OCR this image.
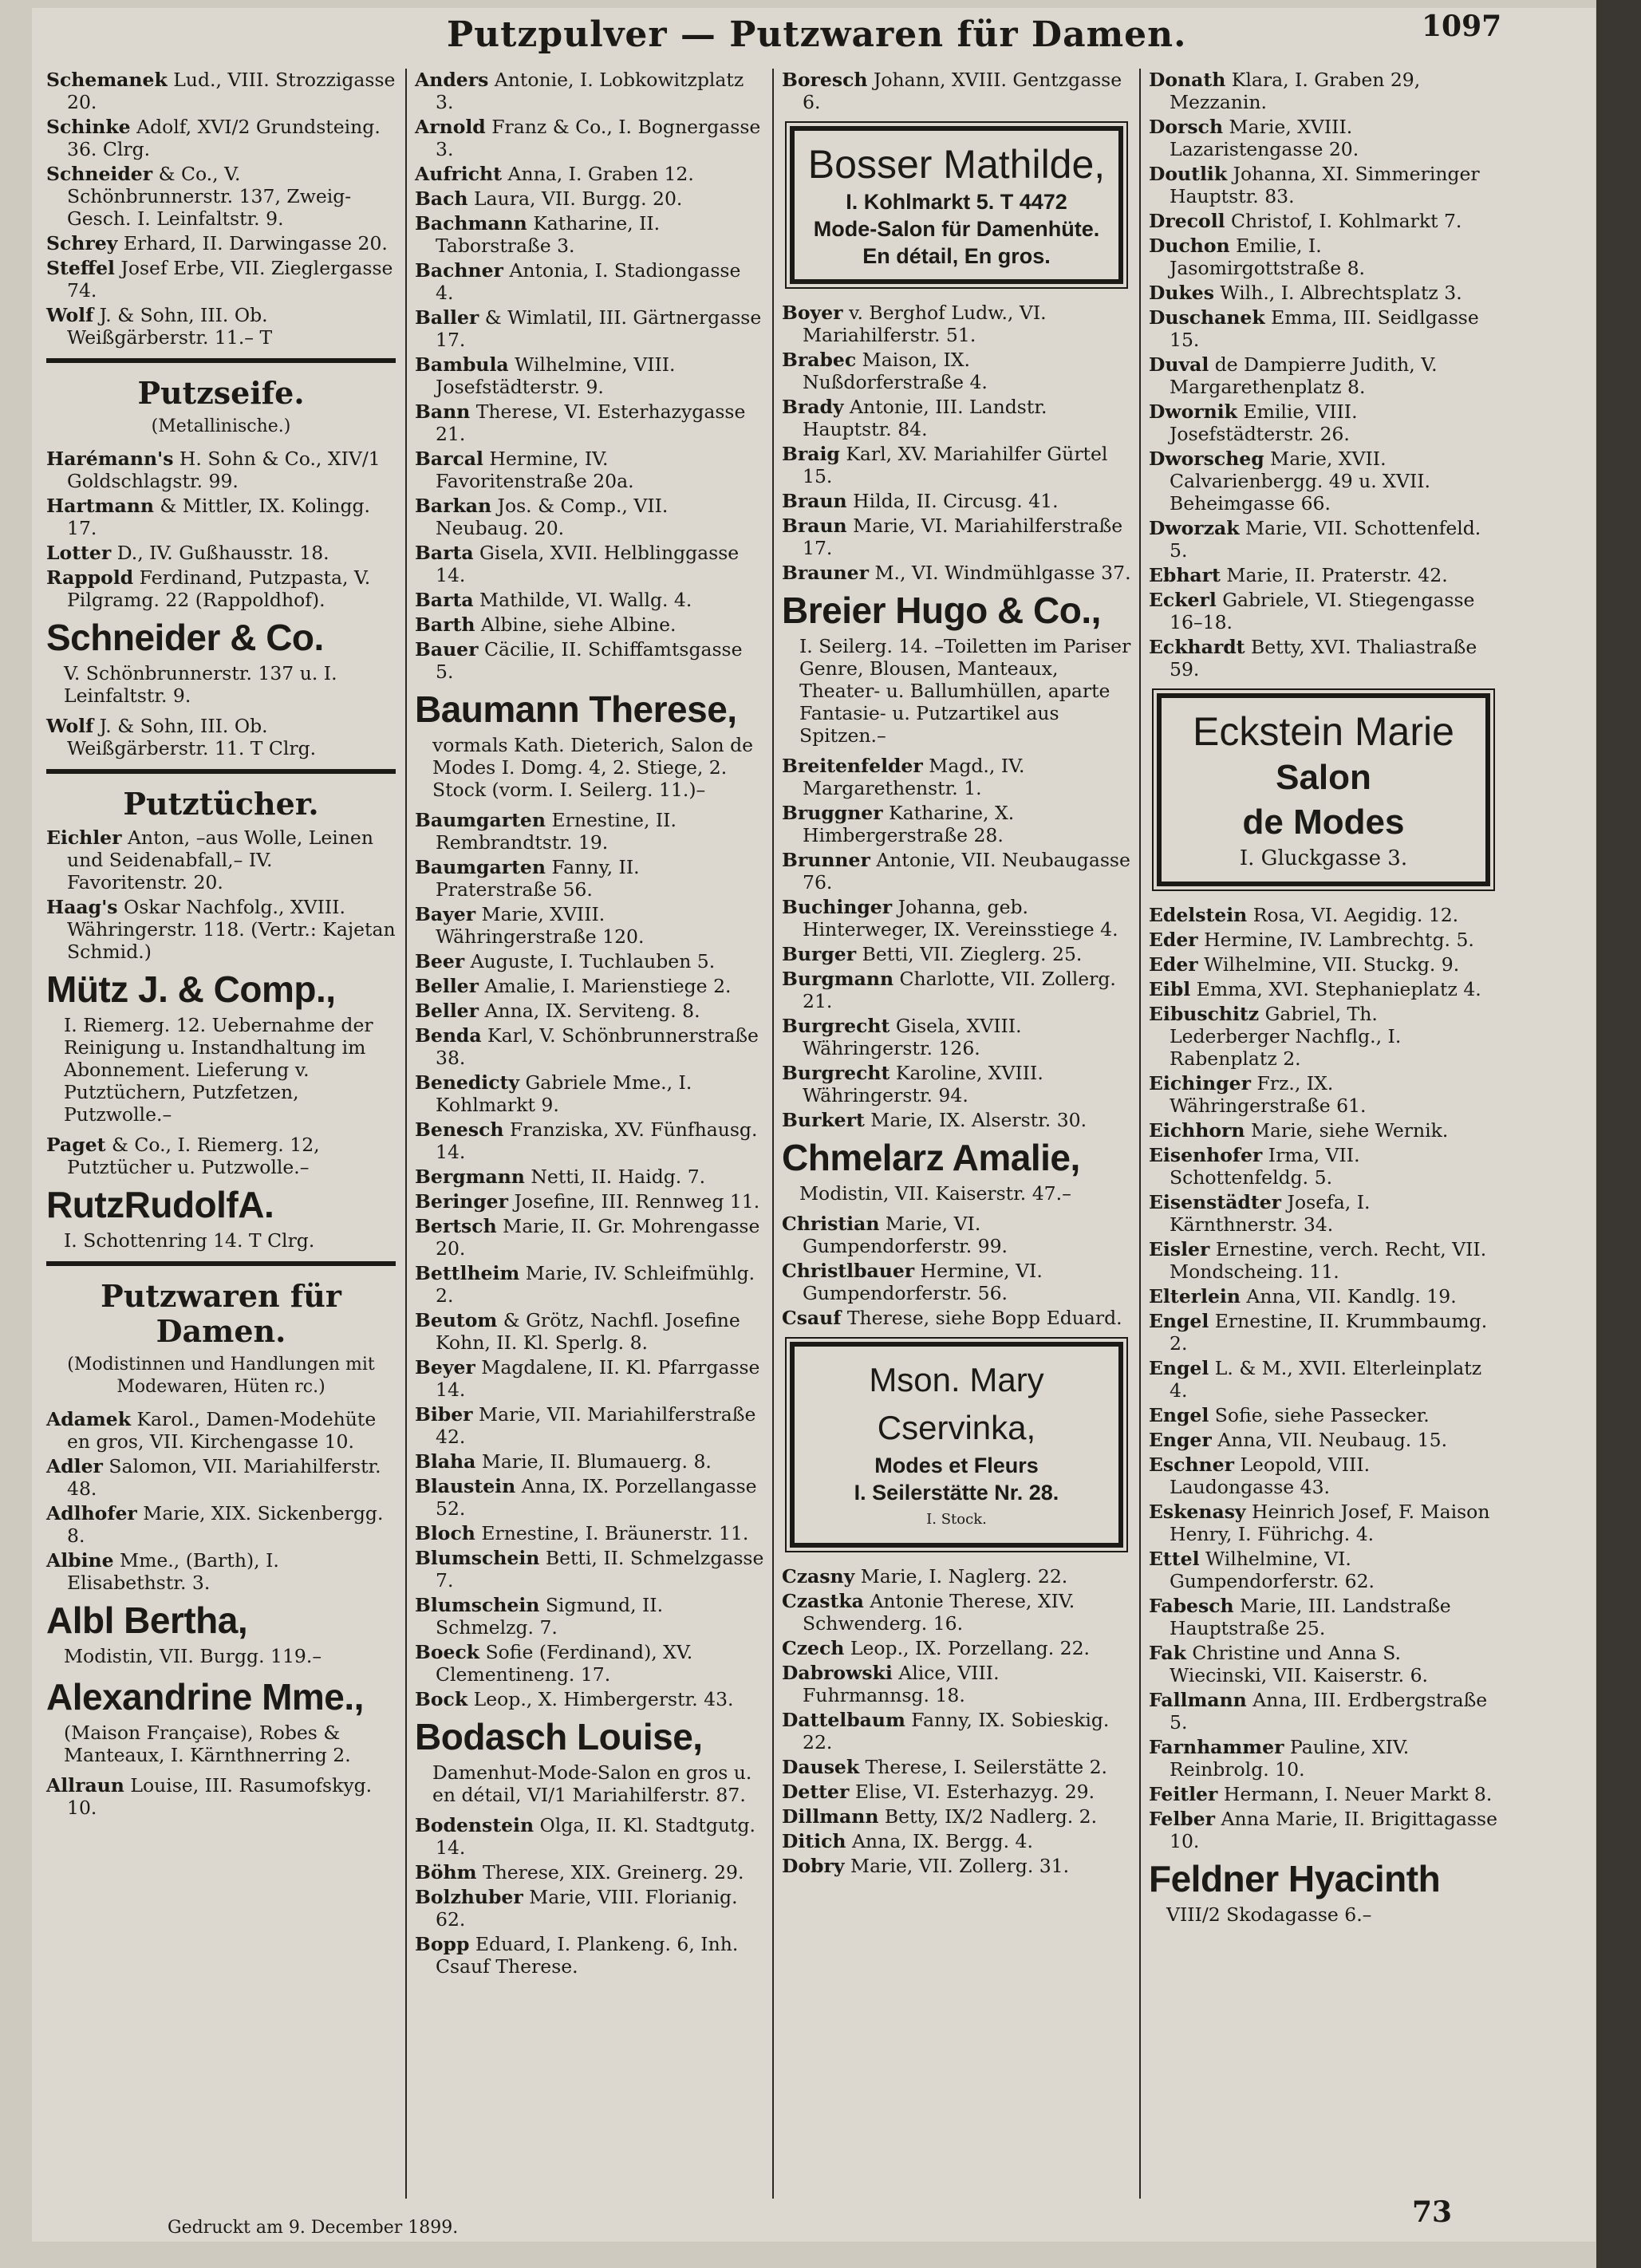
Putzpulver — Putzwaren für Damen.	1097
Schemanek Lud., VIII. Strozzigasse 20.
Schinke Adolf, XVI/2 Grundsteing. 36. Clrg.
Schneider & Co., V. Schönbrunnerstr. 137, Zweig-Gesch. I. Leinfaltstr. 9.
Schrey Erhard, II. Darwingasse 20.
Steffel Josef Erbe, VII. Zieglergasse 74.
Wolf J. & Sohn, III. Ob. Weißgärberstr. 11.– T
Putzseife.
(Metallinische.)
Harémann's H. Sohn & Co., XIV/1 Goldschlagstr. 99.
Hartmann & Mittler, IX. Kolingg. 17.
Lotter D., IV. Gußhausstr. 18.
Rappold Ferdinand, Putzpasta, V. Pilgramg. 22 (Rappoldhof).
Schneider & Co.
V. Schönbrunnerstr. 137 u. I. Leinfaltstr. 9.
Wolf J. & Sohn, III. Ob. Weißgärberstr. 11. T Clrg.
Putztücher.
Eichler Anton, –aus Wolle, Leinen und Seidenabfall,– IV. Favoritenstr. 20.
Haag's Oskar Nachfolg., XVIII. Währingerstr. 118. (Vertr.: Kajetan Schmid.)
Mütz J. & Comp.,
I. Riemerg. 12. Uebernahme der Reinigung u. Instandhaltung im Abonnement. Lieferung v. Putztüchern, Putzfetzen, Putzwolle.–
Paget & Co., I. Riemerg. 12, Putztücher u. Putzwolle.–
RutzRudolfA.
I. Schottenring 14. T Clrg.
Putzwaren für Damen.
(Modistinnen und Handlungen mit Modewaren, Hüten rc.)
Adamek Karol., Damen-Modehüte en gros, VII. Kirchengasse 10.
Adler Salomon, VII. Mariahilferstr. 48.
Adlhofer Marie, XIX. Sickenbergg. 8.
Albine Mme., (Barth), I. Elisabethstr. 3.
Albl Bertha,
Modistin, VII. Burgg. 119.–
Alexandrine Mme.,
(Maison Française), Robes & Manteaux, I. Kärnthnerring 2.
Allraun Louise, III. Rasumofskyg. 10.
Anders Antonie, I. Lobkowitzplatz 3.
Arnold Franz & Co., I. Bognergasse 3.
Aufricht Anna, I. Graben 12.
Bach Laura, VII. Burgg. 20.
Bachmann Katharine, II. Taborstraße 3.
Bachner Antonia, I. Stadiongasse 4.
Baller & Wimlatil, III. Gärtnergasse 17.
Bambula Wilhelmine, VIII. Josefstädterstr. 9.
Bann Therese, VI. Esterhazygasse 21.
Barcal Hermine, IV. Favoritenstraße 20a.
Barkan Jos. & Comp., VII. Neubaug. 20.
Barta Gisela, XVII. Helblinggasse 14.
Barta Mathilde, VI. Wallg. 4.
Barth Albine, siehe Albine.
Bauer Cäcilie, II. Schiffamtsgasse 5.
Baumann Therese,
vormals Kath. Dieterich, Salon de Modes I. Domg. 4, 2. Stiege, 2. Stock (vorm. I. Seilerg. 11.)–
Baumgarten Ernestine, II. Rembrandtstr. 19.
Baumgarten Fanny, II. Praterstraße 56.
Bayer Marie, XVIII. Währingerstraße 120.
Beer Auguste, I. Tuchlauben 5.
Beller Amalie, I. Marienstiege 2.
Beller Anna, IX. Serviteng. 8.
Benda Karl, V. Schönbrunnerstraße 38.
Benedicty Gabriele Mme., I. Kohlmarkt 9.
Benesch Franziska, XV. Fünfhausg. 14.
Bergmann Netti, II. Haidg. 7.
Beringer Josefine, III. Rennweg 11.
Bertsch Marie, II. Gr. Mohrengasse 20.
Bettlheim Marie, IV. Schleifmühlg. 2.
Beutom & Grötz, Nachfl. Josefine Kohn, II. Kl. Sperlg. 8.
Beyer Magdalene, II. Kl. Pfarrgasse 14.
Biber Marie, VII. Mariahilferstraße 42.
Blaha Marie, II. Blumauerg. 8.
Blaustein Anna, IX. Porzellangasse 52.
Bloch Ernestine, I. Bräunerstr. 11.
Blumschein Betti, II. Schmelzgasse 7.
Blumschein Sigmund, II. Schmelzg. 7.
Boeck Sofie (Ferdinand), XV. Clementineng. 17.
Bock Leop., X. Himbergerstr. 43.
Bodasch Louise,
Damenhut-Mode-Salon en gros u. en détail, VI/1 Mariahilferstr. 87.
Bodenstein Olga, II. Kl. Stadtgutg. 14.
Böhm Therese, XIX. Greinerg. 29.
Bolzhuber Marie, VIII. Florianig. 62.
Bopp Eduard, I. Plankeng. 6, Inh. Csauf Therese.
Boresch Johann, XVIII. Gentzgasse 6.
Bosser Mathilde,
I. Kohlmarkt 5. T 4472
Mode-Salon für Damenhüte. En détail, En gros.
Boyer v. Berghof Ludw., VI. Mariahilferstr. 51.
Brabec Maison, IX. Nußdorferstraße 4.
Brady Antonie, III. Landstr. Hauptstr. 84.
Braig Karl, XV. Mariahilfer Gürtel 15.
Braun Hilda, II. Circusg. 41.
Braun Marie, VI. Mariahilferstraße 17.
Brauner M., VI. Windmühlgasse 37.
Breier Hugo & Co.,
I. Seilerg. 14. –Toiletten im Pariser Genre, Blousen, Manteaux, Theater- u. Ballumhüllen, aparte Fantasie- u. Putzartikel aus Spitzen.–
Breitenfelder Magd., IV. Margarethenstr. 1.
Bruggner Katharine, X. Himbergerstraße 28.
Brunner Antonie, VII. Neubaugasse 76.
Buchinger Johanna, geb. Hinterweger, IX. Vereinsstiege 4.
Burger Betti, VII. Zieglerg. 25.
Burgmann Charlotte, VII. Zollerg. 21.
Burgrecht Gisela, XVIII. Währingerstr. 126.
Burgrecht Karoline, XVIII. Währingerstr. 94.
Burkert Marie, IX. Alserstr. 30.
Chmelarz Amalie,
Modistin, VII. Kaiserstr. 47.–
Christian Marie, VI. Gumpendorferstr. 99.
Christlbauer Hermine, VI. Gumpendorferstr. 56.
Csauf Therese, siehe Bopp Eduard.
Mson. Mary Cservinka,
Modes et Fleurs
I. Seilerstätte Nr. 28.
I. Stock.
Czasny Marie, I. Naglerg. 22.
Czastka Antonie Therese, XIV. Schwenderg. 16.
Czech Leop., IX. Porzellang. 22.
Dabrowski Alice, VIII. Fuhrmannsg. 18.
Dattelbaum Fanny, IX. Sobieskig. 22.
Dausek Therese, I. Seilerstätte 2.
Detter Elise, VI. Esterhazyg. 29.
Dillmann Betty, IX/2 Nadlerg. 2.
Ditich Anna, IX. Bergg. 4.
Dobry Marie, VII. Zollerg. 31.
Donath Klara, I. Graben 29, Mezzanin.
Dorsch Marie, XVIII. Lazaristengasse 20.
Doutlik Johanna, XI. Simmeringer Hauptstr. 83.
Drecoll Christof, I. Kohlmarkt 7.
Duchon Emilie, I. Jasomirgottstraße 8.
Dukes Wilh., I. Albrechtsplatz 3.
Duschanek Emma, III. Seidlgasse 15.
Duval de Dampierre Judith, V. Margarethenplatz 8.
Dwornik Emilie, VIII. Josefstädterstr. 26.
Dworscheg Marie, XVII. Calvarienbergg. 49 u. XVII. Beheimgasse 66.
Dworzak Marie, VII. Schottenfeld. 5.
Ebhart Marie, II. Praterstr. 42.
Eckerl Gabriele, VI. Stiegengasse 16–18.
Eckhardt Betty, XVI. Thaliastraße 59.
Eckstein Marie
Salon
de Modes
I. Gluckgasse 3.
Edelstein Rosa, VI. Aegidig. 12.
Eder Hermine, IV. Lambrechtg. 5.
Eder Wilhelmine, VII. Stuckg. 9.
Eibl Emma, XVI. Stephanieplatz 4.
Eibuschitz Gabriel, Th. Lederberger Nachflg., I. Rabenplatz 2.
Eichinger Frz., IX. Währingerstraße 61.
Eichhorn Marie, siehe Wernik.
Eisenhofer Irma, VII. Schottenfeldg. 5.
Eisenstädter Josefa, I. Kärnthnerstr. 34.
Eisler Ernestine, verch. Recht, VII. Mondscheing. 11.
Elterlein Anna, VII. Kandlg. 19.
Engel Ernestine, II. Krummbaumg. 2.
Engel L. & M., XVII. Elterleinplatz 4.
Engel Sofie, siehe Passecker.
Enger Anna, VII. Neubaug. 15.
Eschner Leopold, VIII. Laudongasse 43.
Eskenasy Heinrich Josef, F. Maison Henry, I. Führichg. 4.
Ettel Wilhelmine, VI. Gumpendorferstr. 62.
Fabesch Marie, III. Landstraße Hauptstraße 25.
Fak Christine und Anna S. Wiecinski, VII. Kaiserstr. 6.
Fallmann Anna, III. Erdbergstraße 5.
Farnhammer Pauline, XIV. Reinbrolg. 10.
Feitler Hermann, I. Neuer Markt 8.
Felber Anna Marie, II. Brigittagasse 10.
Feldner Hyacinth
VIII/2 Skodagasse 6.–
Gedruckt am 9. December 1899.	73
